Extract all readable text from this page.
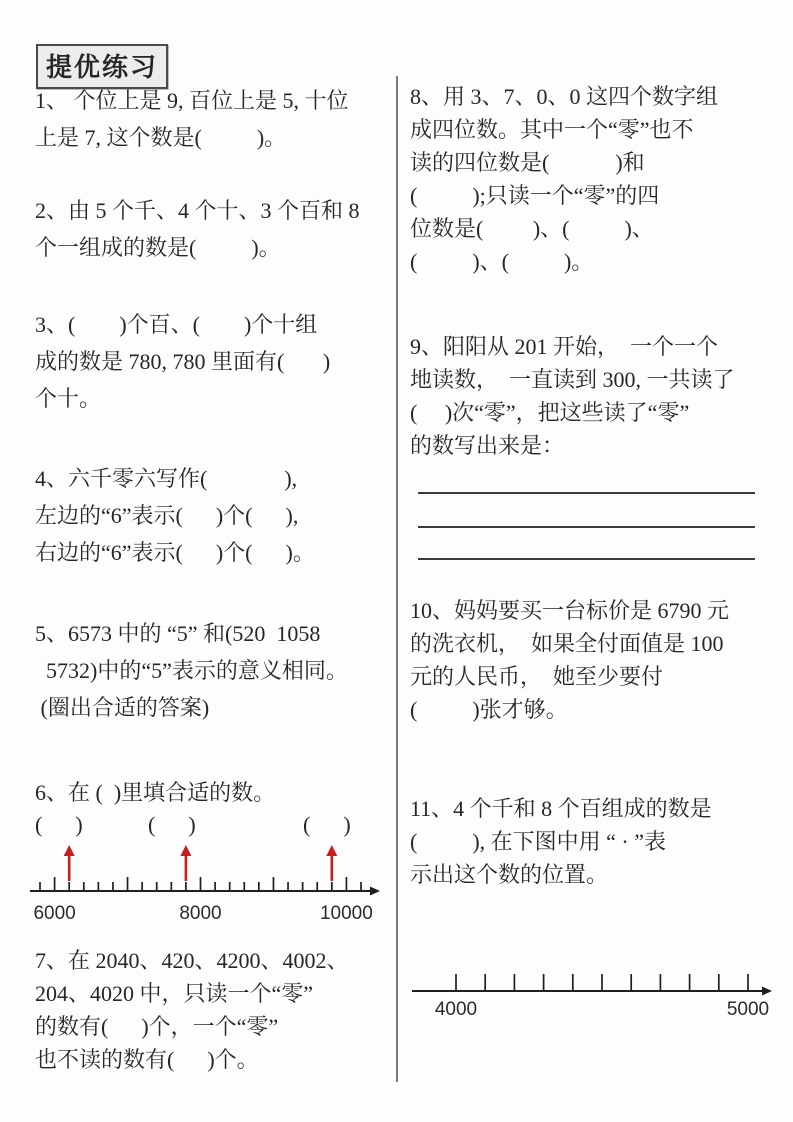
提优练习
1、 个位上是 9, 百位上是 5, 十位
上是 7, 这个数是(          )。
2、由 5 个千、4 个十、3 个百和 8
个一组成的数是(          )。
3、(        )个百、(        )个十组
成的数是 780, 780 里面有(       )
个十。
4、六千零六写作(              ),
左边的“6”表示(      )个(      ),
右边的“6”表示(      )个(      )。
5、6573 中的 “5” 和(520  1058
5732)中的“5”表示的意义相同。
(圈出合适的答案)
6、在 (  )里填合适的数。
(      )	(      )	(      )
6000	8000	10000
7、在 2040、420、4200、4002、
204、4020 中，只读一个“零”
的数有(      )个，一个“零”
也不读的数有(      )个。
8、用 3、7、0、0 这四个数字组
成四位数。其中一个“零”也不
读的四位数是(            )和
(          );只读一个“零”的四
位数是(         )、(          )、
(          )、(          )。
9、阳阳从 201 开始，  一个一个
地读数，  一直读到 300, 一共读了
(     )次“零”，把这些读了“零”
的数写出来是：
10、妈妈要买一台标价是 6790 元
的洗衣机，  如果全付面值是 100
元的人民币，  她至少要付
(          )张才够。
11、4 个千和 8 个百组成的数是
(          ), 在下图中用 “ · ”表
示出这个数的位置。
4000	5000
